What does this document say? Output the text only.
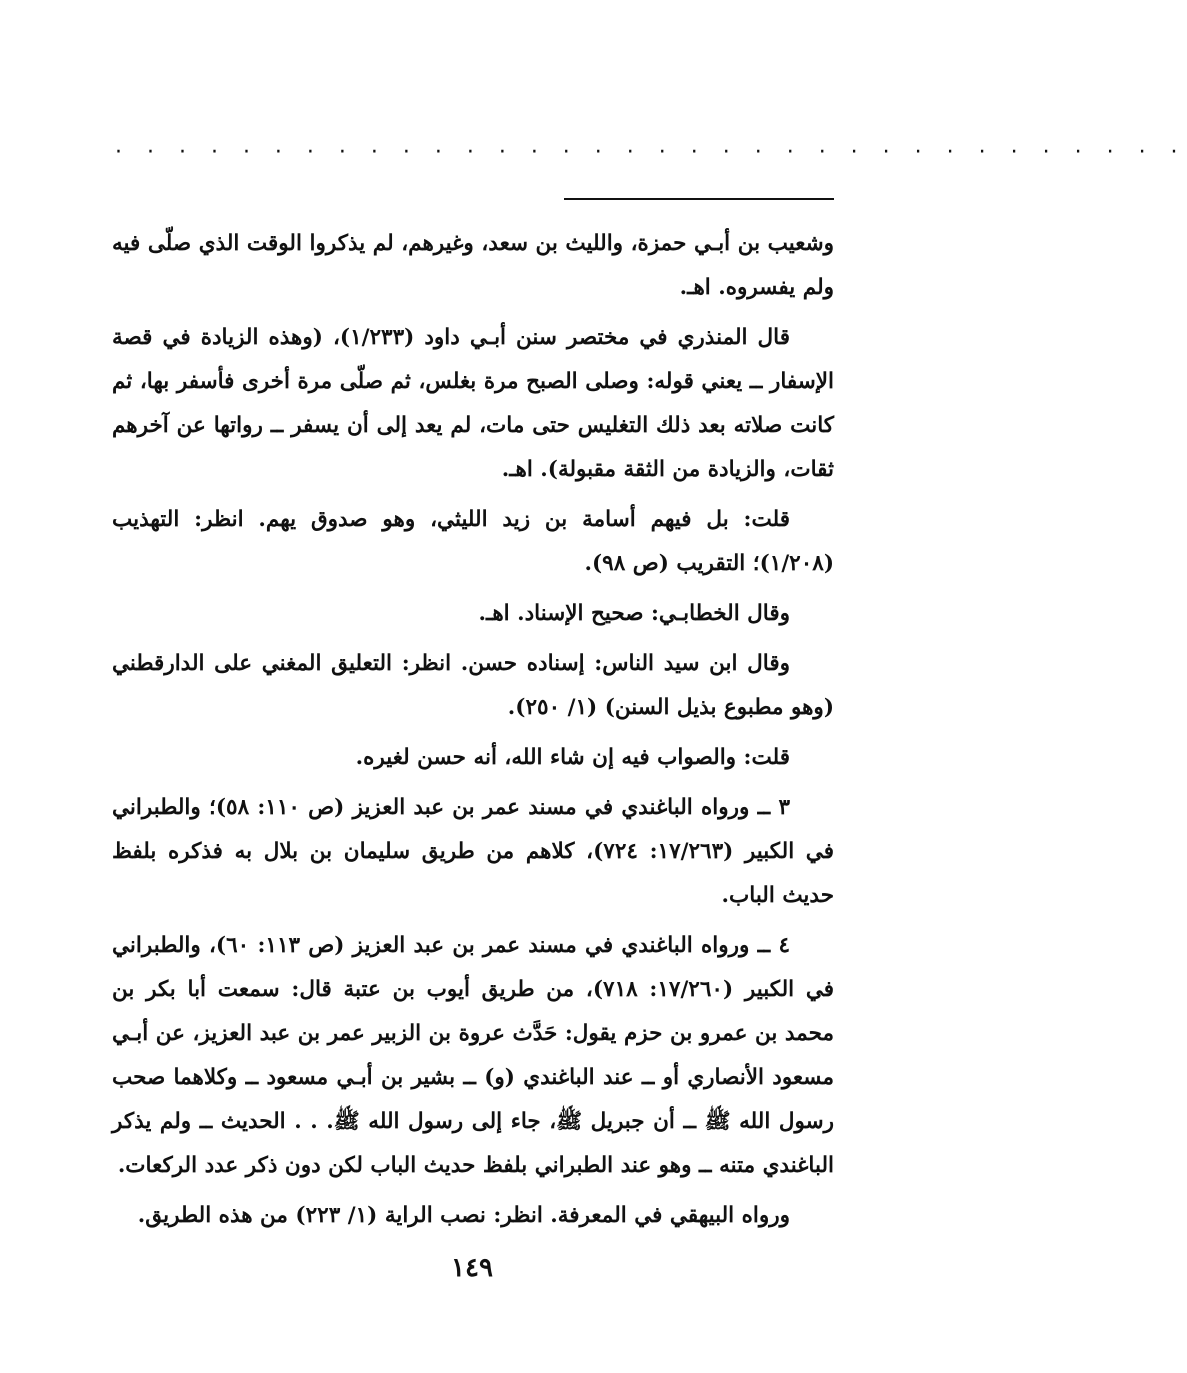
· · · · · · · · · · · · · · · · · · · · · · · · · · · · · · · · · ·

وشعيب بن أبـي حمزة، والليث بن سعد، وغيرهم، لم يذكروا الوقت الذي صلّى فيه ولم يفسروه. اهـ.

قال المنذري في مختصر سنن أبـي داود (١/٢٣٣)، (وهذه الزيادة في قصة الإسفار ــ يعني قوله: وصلى الصبح مرة بغلس، ثم صلّى مرة أخرى فأسفر بها، ثم كانت صلاته بعد ذلك التغليس حتى مات، لم يعد إلى أن يسفر ــ رواتها عن آخرهم ثقات، والزيادة من الثقة مقبولة). اهـ.

قلت: بل فيهم أسامة بن زيد الليثي، وهو صدوق يهم. انظر: التهذيب (١/٢٠٨)؛ التقريب (ص ٩٨).

وقال الخطابـي: صحيح الإسناد. اهـ.

وقال ابن سيد الناس: إسناده حسن. انظر: التعليق المغني على الدارقطني (وهو مطبوع بذيل السنن) (١/ ٢٥٠).

قلت: والصواب فيه إن شاء الله، أنه حسن لغيره.

٣ ــ ورواه الباغندي في مسند عمر بن عبد العزيز (ص ١١٠: ٥٨)؛ والطبراني في الكبير (١٧/٢٦٣: ٧٢٤)، كلاهم من طريق سليمان بن بلال به فذكره بلفظ حديث الباب.

٤ ــ ورواه الباغندي في مسند عمر بن عبد العزيز (ص ١١٣: ٦٠)، والطبراني في الكبير (١٧/٢٦٠: ٧١٨)، من طريق أيوب بن عتبة قال: سمعت أبا بكر بن محمد بن عمرو بن حزم يقول: حَدَّث عروة بن الزبير عمر بن عبد العزيز، عن أبـي مسعود الأنصاري أو ــ عند الباغندي (و) ــ بشير بن أبـي مسعود ــ وكلاهما صحب رسول الله ﷺ ــ أن جبريل ﷺ، جاء إلى رسول الله ﷺ. . . الحديث ــ ولم يذكر الباغندي متنه ــ وهو عند الطبراني بلفظ حديث الباب لكن دون ذكر عدد الركعات.

ورواه البيهقي في المعرفة. انظر: نصب الراية (١/ ٢٢٣) من هذه الطريق.

١٤٩
